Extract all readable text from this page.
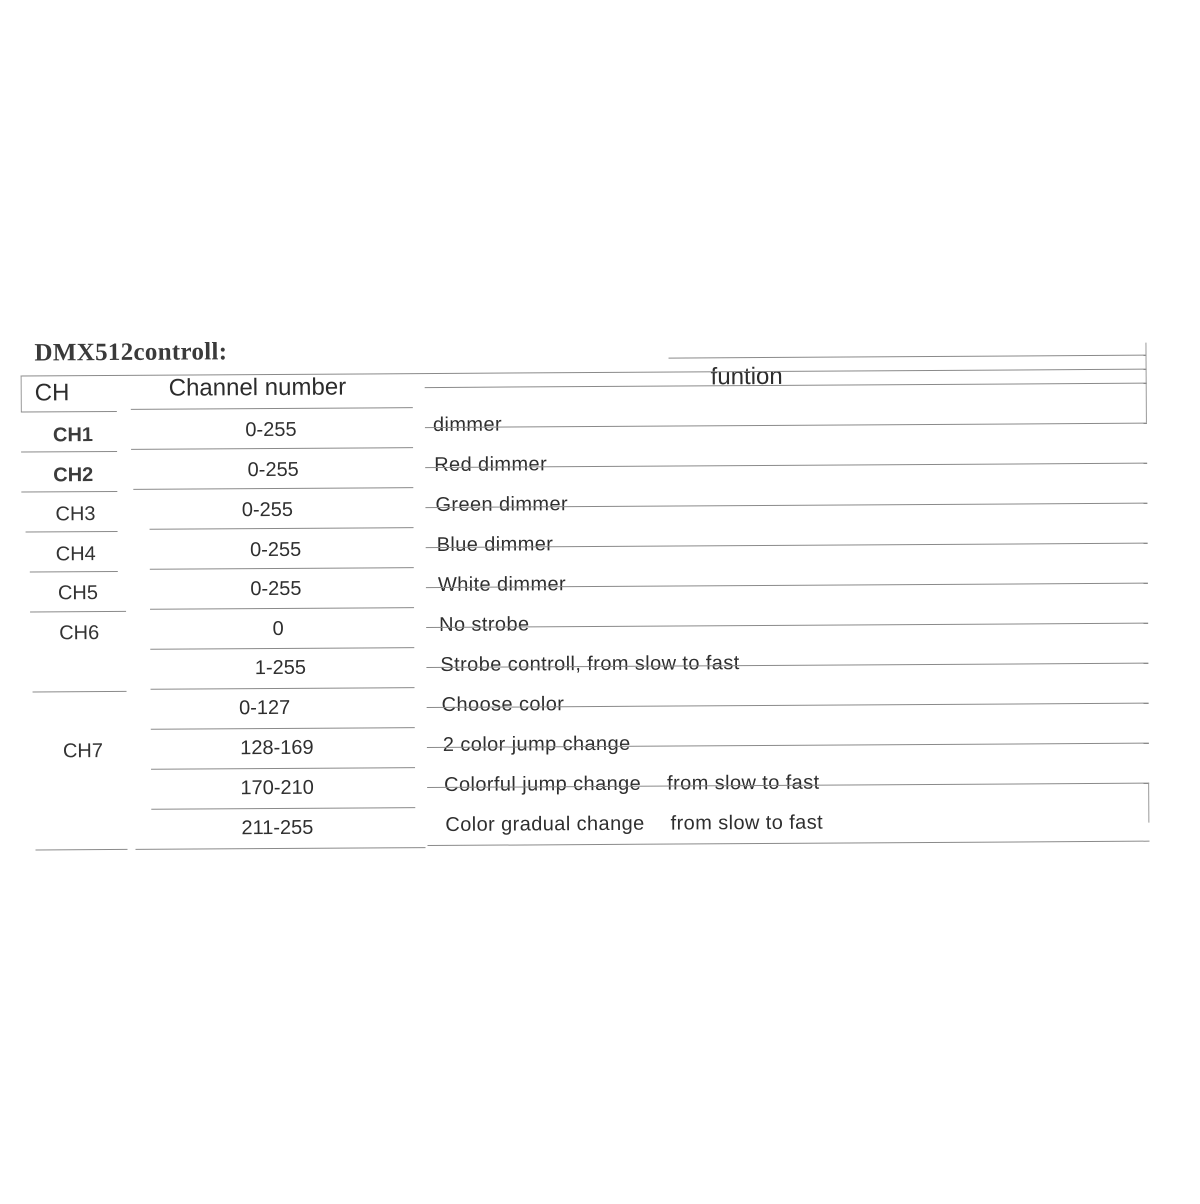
DMX512controll:
CH	Channel number	funtion
CH1	0-255	dimmer
CH2	0-255	Red dimmer
CH3	0-255	Green dimmer
CH4	0-255	Blue dimmer
CH5	0-255	White dimmer
CH6	0	No strobe
1-255	Strobe controll, from slow to fast
0-127	Choose color
CH7	128-169	2 color jump change
170-210	Colorful jump change from slow to fast
211-255	Color gradual change from slow to fast
